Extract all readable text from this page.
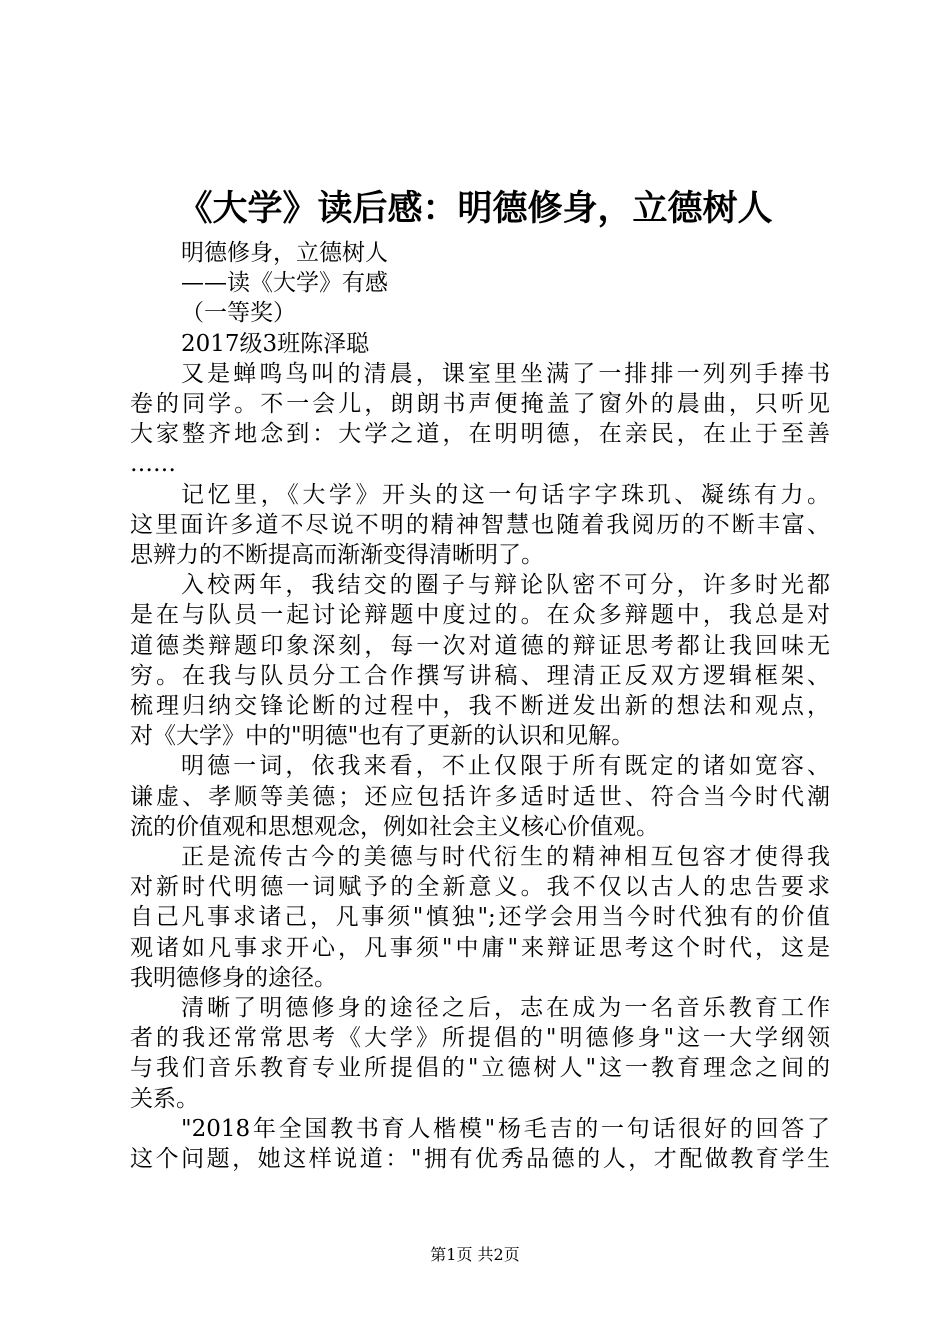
《大学》读后感：明德修身，立德树人
明德修身，立德树人
——读《大学》有感
（一等奖）
2017级3班陈泽聪
又是蝉鸣鸟叫的清晨，课室里坐满了一排排一列列手捧书
卷的同学。不一会儿，朗朗书声便掩盖了窗外的晨曲，只听见
大家整齐地念到：大学之道，在明明德，在亲民，在止于至善
……
记忆里，《大学》开头的这一句话字字珠玑、凝练有力。
这里面许多道不尽说不明的精神智慧也随着我阅历的不断丰富、
思辨力的不断提高而渐渐变得清晰明了。
入校两年，我结交的圈子与辩论队密不可分，许多时光都
是在与队员一起讨论辩题中度过的。在众多辩题中，我总是对
道德类辩题印象深刻，每一次对道德的辩证思考都让我回味无
穷。在我与队员分工合作撰写讲稿、理清正反双方逻辑框架、
梳理归纳交锋论断的过程中，我不断迸发出新的想法和观点，
对《大学》中的"明德"也有了更新的认识和见解。
明德一词，依我来看，不止仅限于所有既定的诸如宽容、
谦虚、孝顺等美德；还应包括许多适时适世、符合当今时代潮
流的价值观和思想观念，例如社会主义核心价值观。
正是流传古今的美德与时代衍生的精神相互包容才使得我
对新时代明德一词赋予的全新意义。我不仅以古人的忠告要求
自己凡事求诸己，凡事须"慎独";还学会用当今时代独有的价值
观诸如凡事求开心，凡事须"中庸"来辩证思考这个时代，这是
我明德修身的途径。
清晰了明德修身的途径之后，志在成为一名音乐教育工作
者的我还常常思考《大学》所提倡的"明德修身"这一大学纲领
与我们音乐教育专业所提倡的"立德树人"这一教育理念之间的
关系。
"2018年全国教书育人楷模"杨毛吉的一句话很好的回答了
这个问题，她这样说道："拥有优秀品德的人，才配做教育学生
第1页 共2页
